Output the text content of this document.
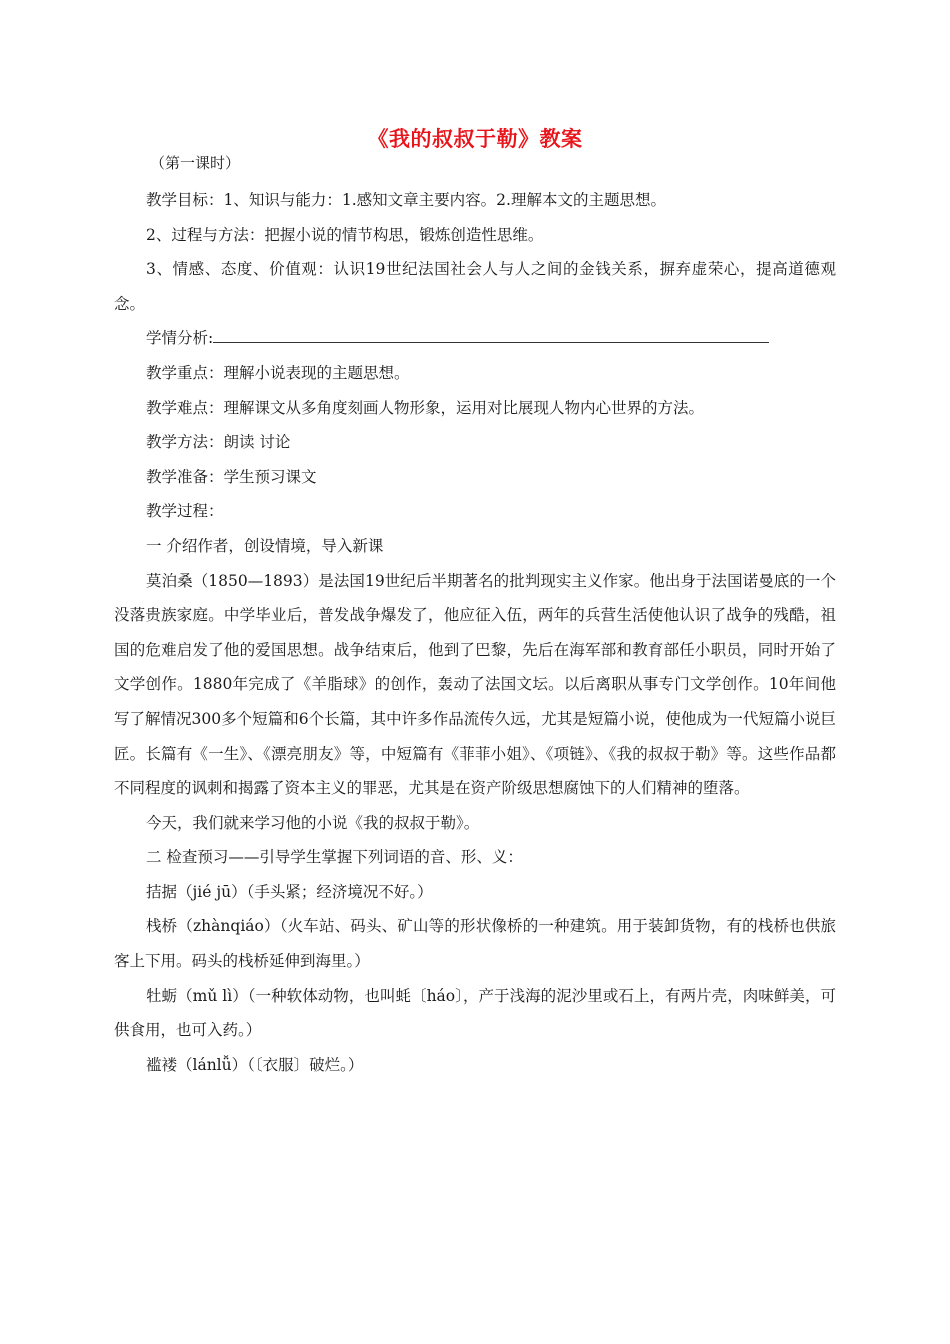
《我的叔叔于勒》教案
（第一课时）

教学目标：1、知识与能力：1.感知文章主要内容。2.理解本文的主题思想。

2、过程与方法：把握小说的情节构思，锻炼创造性思维。

3、情感、态度、价值观：认识19世纪法国社会人与人之间的金钱关系，摒弃虚荣心，提高道德观念。

学情分析:

教学重点：理解小说表现的主题思想。

教学难点：理解课文从多角度刻画人物形象，运用对比展现人物内心世界的方法。

教学方法：朗读 讨论

教学准备：学生预习课文

教学过程：

一 介绍作者，创设情境，导入新课

莫泊桑（1850—1893）是法国19世纪后半期著名的批判现实主义作家。他出身于法国诺曼底的一个没落贵族家庭。中学毕业后，普发战争爆发了，他应征入伍，两年的兵营生活使他认识了战争的残酷，祖国的危难启发了他的爱国思想。战争结束后，他到了巴黎，先后在海军部和教育部任小职员，同时开始了文学创作。1880年完成了《羊脂球》的创作，轰动了法国文坛。以后离职从事专门文学创作。10年间他写了解情况300多个短篇和6个长篇，其中许多作品流传久远，尤其是短篇小说，使他成为一代短篇小说巨匠。长篇有《一生》、《漂亮朋友》等，中短篇有《菲菲小姐》、《项链》、《我的叔叔于勒》等。这些作品都不同程度的讽刺和揭露了资本主义的罪恶，尤其是在资产阶级思想腐蚀下的人们精神的堕落。

今天，我们就来学习他的小说《我的叔叔于勒》。

二 检查预习——引导学生掌握下列词语的音、形、义：

拮据（jié jū）（手头紧；经济境况不好。）

栈桥（zhànqiáo）（火车站、码头、矿山等的形状像桥的一种建筑。用于装卸货物，有的栈桥也供旅客上下用。码头的栈桥延伸到海里。）

牡蛎（mǔ lì）（一种软体动物，也叫蚝〔háo〕，产于浅海的泥沙里或石上，有两片壳，肉味鲜美，可供食用，也可入药。）

褴褛（lánlǚ）（〔衣服〕破烂。）
